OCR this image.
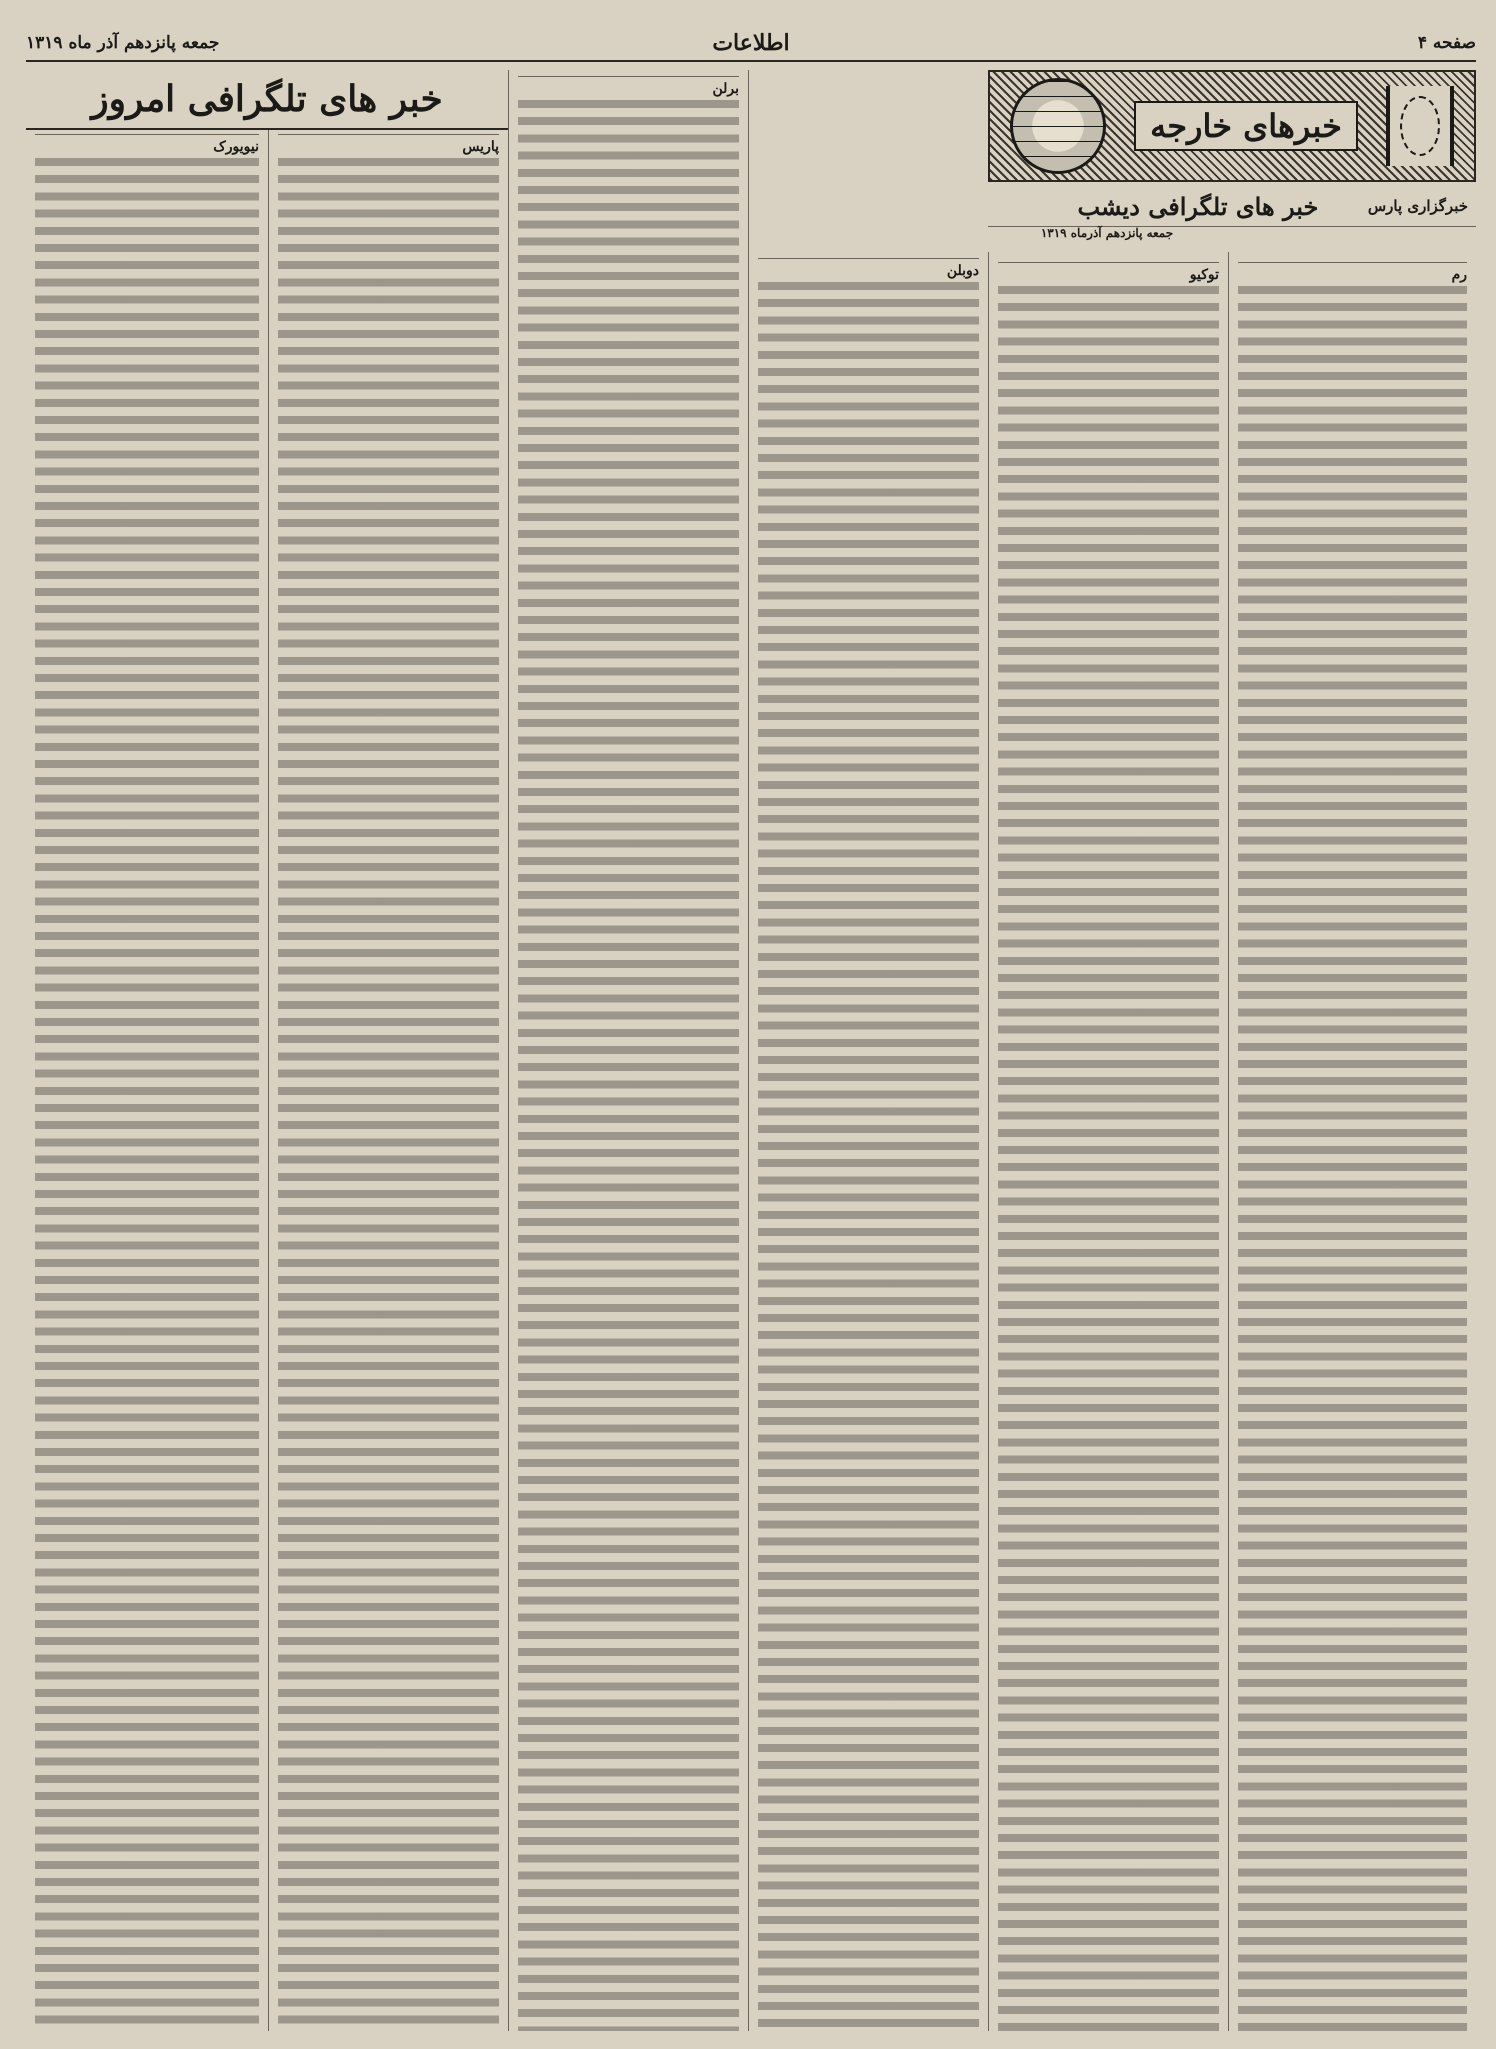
صفحه ۴
اطلاعات
جمعه پانزدهم آذر ماه ۱۳۱۹
رم
توکیو
دوبلن
برلن
پاریس
نیویورک
خبرهای خارجه
خبرگزاری پارس
خبر های تلگرافی دیشب
جمعه پانزدهم آذرماه ۱۳۱۹
خبر های تلگرافی امروز
